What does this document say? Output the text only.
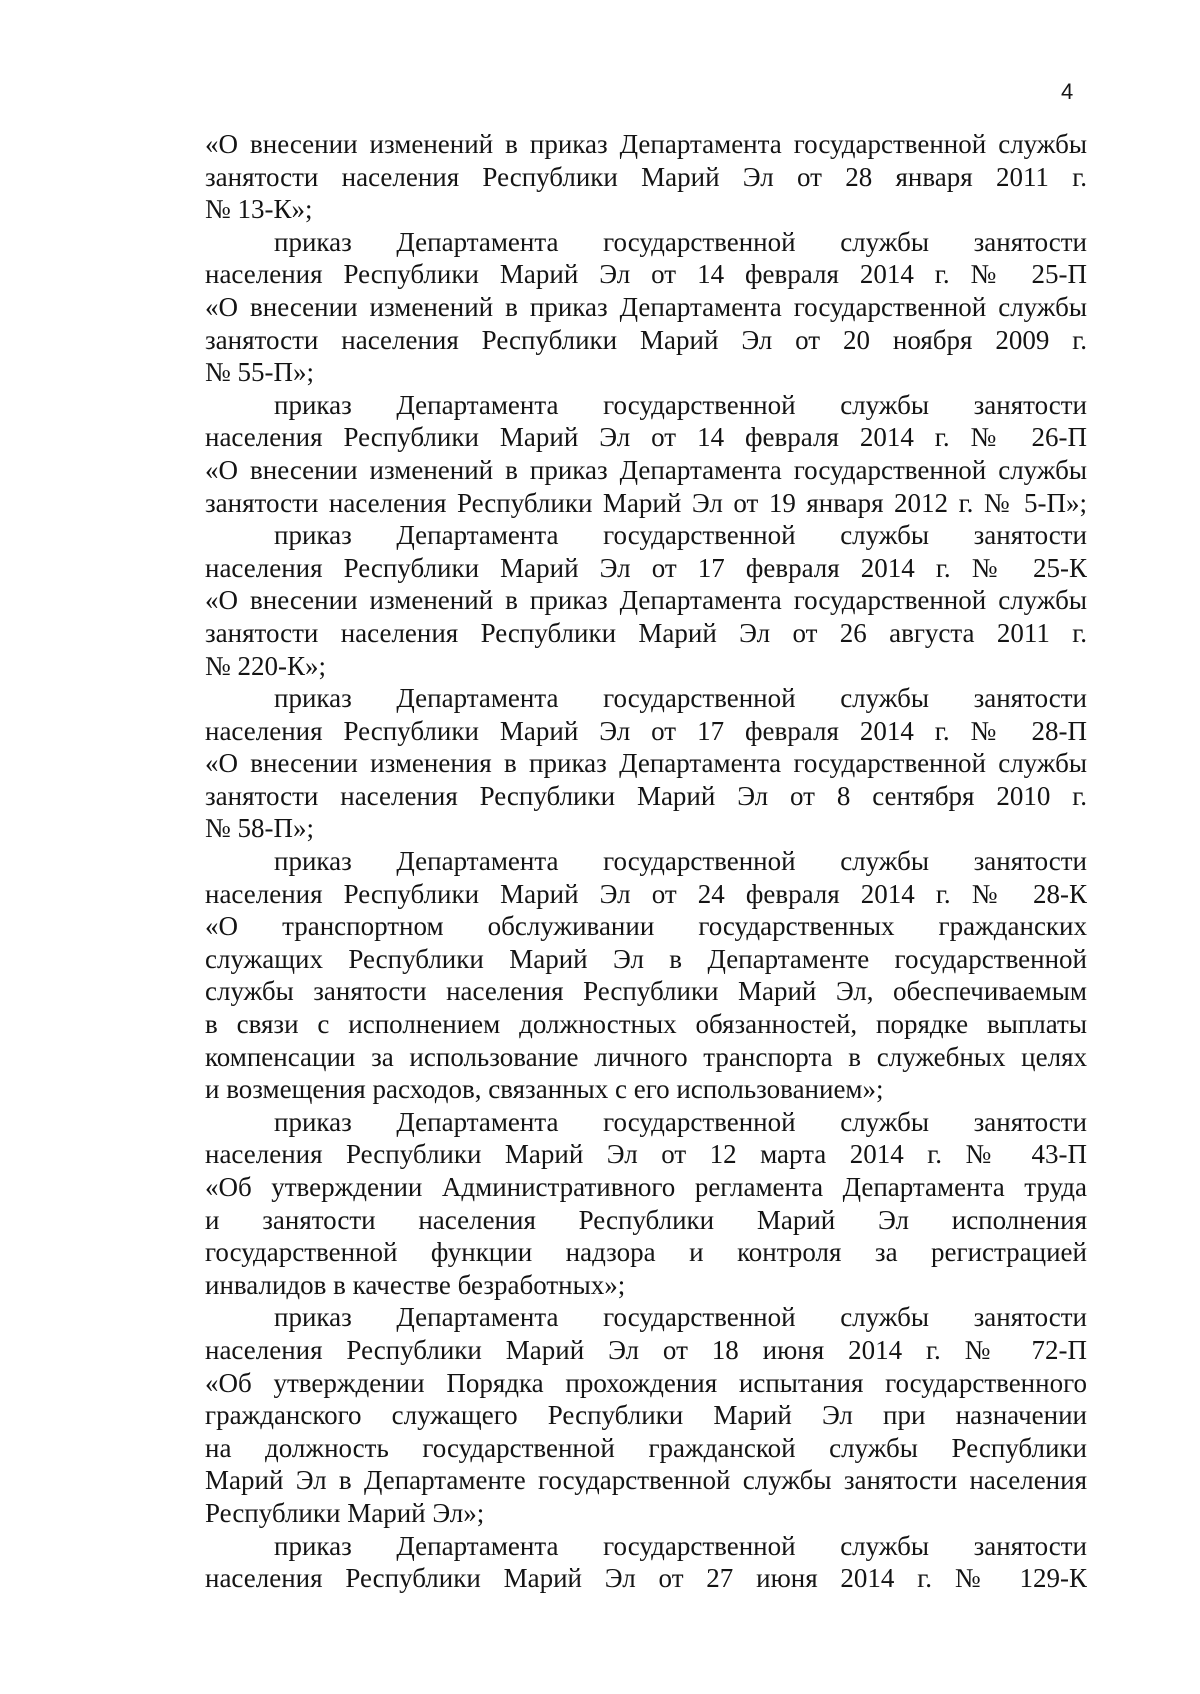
4
«О внесении изменений в приказ Департамента государственной службы
занятости населения Республики Марий Эл от 28 января 2011 г.
№ 13-К»;
приказ Департамента государственной службы занятости
населения Республики Марий Эл от 14 февраля 2014 г. № 25-П
«О внесении изменений в приказ Департамента государственной службы
занятости населения Республики Марий Эл от 20 ноября 2009 г.
№ 55-П»;
приказ Департамента государственной службы занятости
населения Республики Марий Эл от 14 февраля 2014 г. № 26-П
«О внесении изменений в приказ Департамента государственной службы
занятости населения Республики Марий Эл от 19 января 2012 г. № 5-П»;
приказ Департамента государственной службы занятости
населения Республики Марий Эл от 17 февраля 2014 г. № 25-К
«О внесении изменений в приказ Департамента государственной службы
занятости населения Республики Марий Эл от 26 августа 2011 г.
№ 220-К»;
приказ Департамента государственной службы занятости
населения Республики Марий Эл от 17 февраля 2014 г. № 28-П
«О внесении изменения в приказ Департамента государственной службы
занятости населения Республики Марий Эл от 8 сентября 2010 г.
№ 58-П»;
приказ Департамента государственной службы занятости
населения Республики Марий Эл от 24 февраля 2014 г. № 28-К
«О транспортном обслуживании государственных гражданских
служащих Республики Марий Эл в Департаменте государственной
службы занятости населения Республики Марий Эл, обеспечиваемым
в связи с исполнением должностных обязанностей, порядке выплаты
компенсации за использование личного транспорта в служебных целях
и возмещения расходов, связанных с его использованием»;
приказ Департамента государственной службы занятости
населения Республики Марий Эл от 12 марта 2014 г. № 43-П
«Об утверждении Административного регламента Департамента труда
и занятости населения Республики Марий Эл исполнения
государственной функции надзора и контроля за регистрацией
инвалидов в качестве безработных»;
приказ Департамента государственной службы занятости
населения Республики Марий Эл от 18 июня 2014 г. № 72-П
«Об утверждении Порядка прохождения испытания государственного
гражданского служащего Республики Марий Эл при назначении
на должность государственной гражданской службы Республики
Марий Эл в Департаменте государственной службы занятости населения
Республики Марий Эл»;
приказ Департамента государственной службы занятости
населения Республики Марий Эл от 27 июня 2014 г. № 129-К
